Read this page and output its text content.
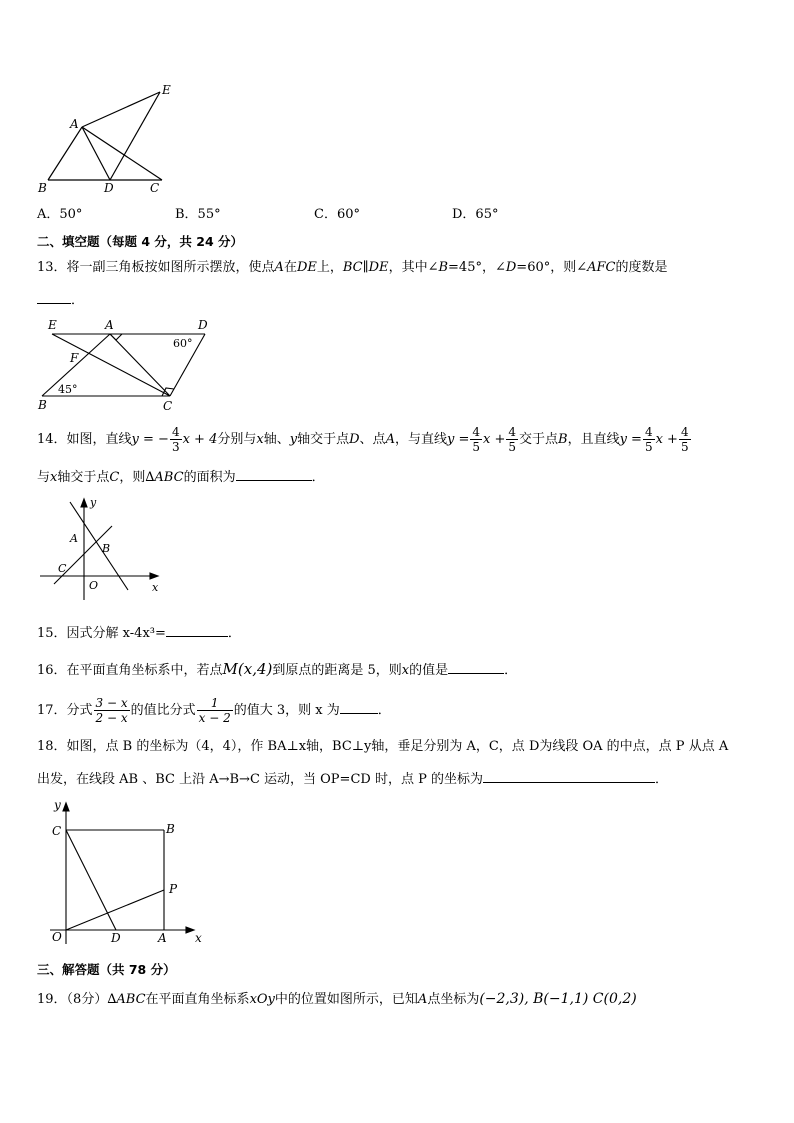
A
B	C
D
E
A．50°	B．55°	C．60°	D．65°
二、填空题（每题 4 分，共 24 分）
13．将一副三角板按如图所示摆放，使点A在DE上，BC∥DE，其中∠B=45°，∠D=60°，则∠AFC的度数是
．
E	A	D
F
B	C
60°
45°
14．如图，直线y = − $\frac{4}{3}$ x + 4分别与x轴、y轴交于点D、点A，与直线$y = \frac{4}{5}$ $x + \frac{4}{5}$ 交于点B，且直线$y = \frac{4}{5}$ $x + \frac{4}{5}$
与x轴交于点C，则∆ABC的面积为	．
y
A
B
C
O	x
15．因式分解 x-4x³=	．
16．在平面直角坐标系中，若点M(x,4)到原点的距离是 5，则x的值是	．
17．分式 $\frac{3 - x}{2 - x}$ 的值比分式 $\frac{1}{x - 2}$ 的值大 3，则 x 为	．
18．如图，点 B 的坐标为（4，4），作 BA⊥x轴，BC⊥y轴，垂足分别为 A，C，点 D为线段 OA 的中点，点 P 从点 A
出发，在线段 AB 、BC 上沿 A→B→C 运动，当 OP=CD 时，点 P 的坐标为	．
y
C	B
P
O	D	A x
三、解答题（共 78 分）
19．（8分）∆ABC在平面直角坐标系xOy中的位置如图所示，已知A点坐标为(−2,3), B(−1,1) C(0,2)
